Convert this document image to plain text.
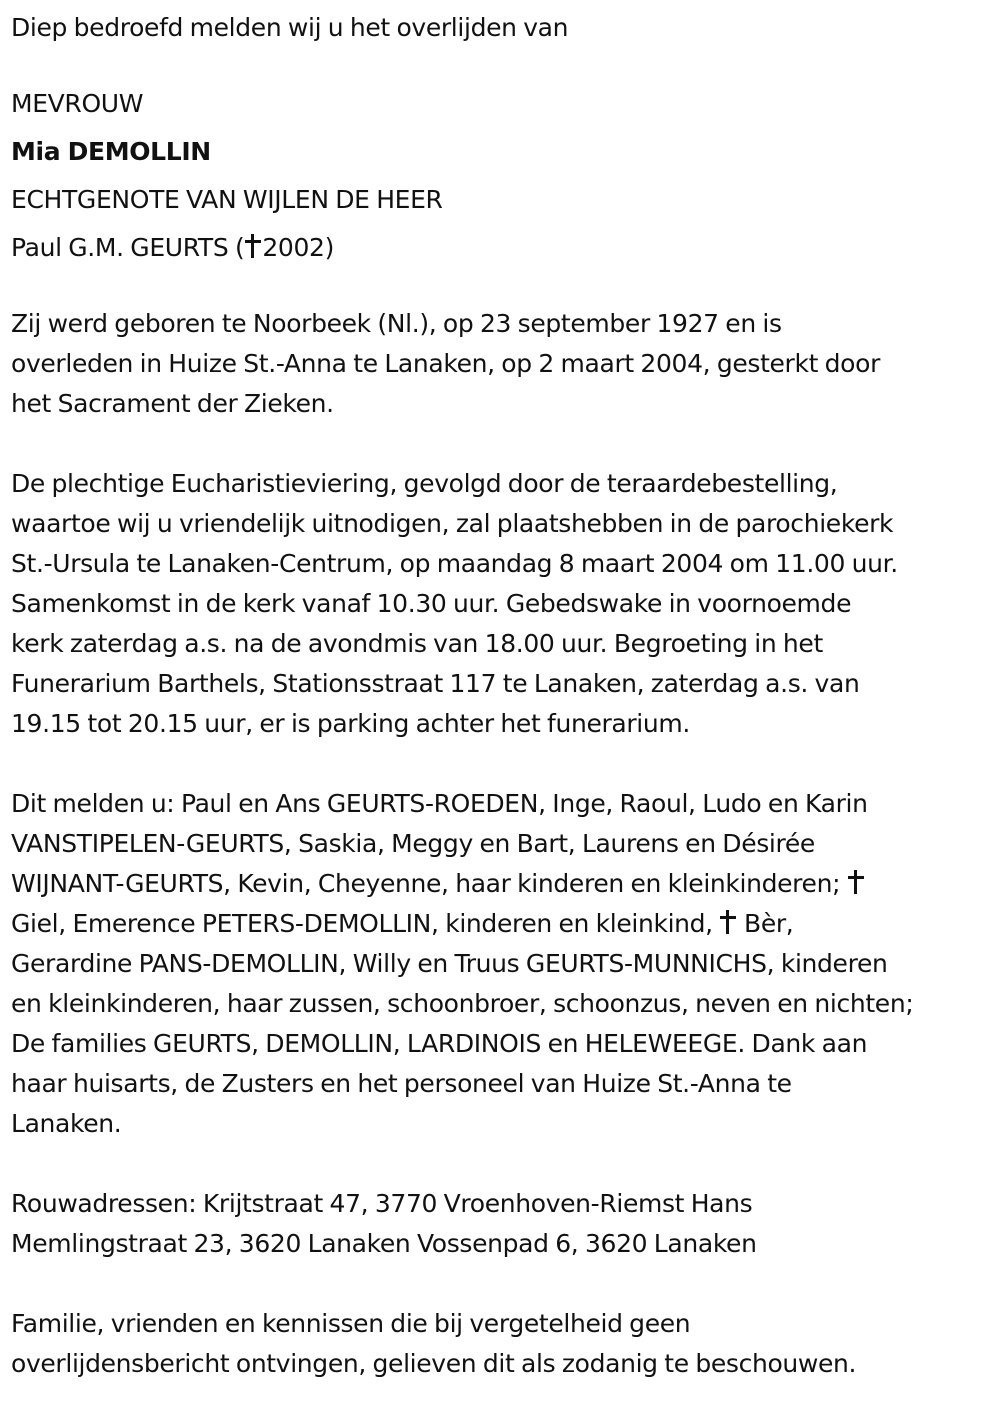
Diep bedroefd melden wij u het overlijden van
MEVROUW
Mia DEMOLLIN
ECHTGENOTE VAN WIJLEN DE HEER
Paul G.M. GEURTS ( 2002)
Zij werd geboren te Noorbeek (Nl.), op 23 september 1927 en is
overleden in Huize St.-Anna te Lanaken, op 2 maart 2004, gesterkt door
het Sacrament der Zieken.
De plechtige Eucharistieviering, gevolgd door de teraardebestelling,
waartoe wij u vriendelijk uitnodigen, zal plaatshebben in de parochiekerk
St.-Ursula te Lanaken-Centrum, op maandag 8 maart 2004 om 11.00 uur.
Samenkomst in de kerk vanaf 10.30 uur. Gebedswake in voornoemde
kerk zaterdag a.s. na de avondmis van 18.00 uur. Begroeting in het
Funerarium Barthels, Stationsstraat 117 te Lanaken, zaterdag a.s. van
19.15 tot 20.15 uur, er is parking achter het funerarium.
Dit melden u: Paul en Ans GEURTS-ROEDEN, Inge, Raoul, Ludo en Karin
VANSTIPELEN-GEURTS, Saskia, Meggy en Bart, Laurens en Désirée
WIJNANT-GEURTS, Kevin, Cheyenne, haar kinderen en kleinkinderen;
Giel, Emerence PETERS-DEMOLLIN, kinderen en kleinkind, Bèr,
Gerardine PANS-DEMOLLIN, Willy en Truus GEURTS-MUNNICHS, kinderen
en kleinkinderen, haar zussen, schoonbroer, schoonzus, neven en nichten;
De families GEURTS, DEMOLLIN, LARDINOIS en HELEWEEGE. Dank aan
haar huisarts, de Zusters en het personeel van Huize St.-Anna te
Lanaken.
Rouwadressen: Krijtstraat 47, 3770 Vroenhoven-Riemst Hans
Memlingstraat 23, 3620 Lanaken Vossenpad 6, 3620 Lanaken
Familie, vrienden en kennissen die bij vergetelheid geen
overlijdensbericht ontvingen, gelieven dit als zodanig te beschouwen.
